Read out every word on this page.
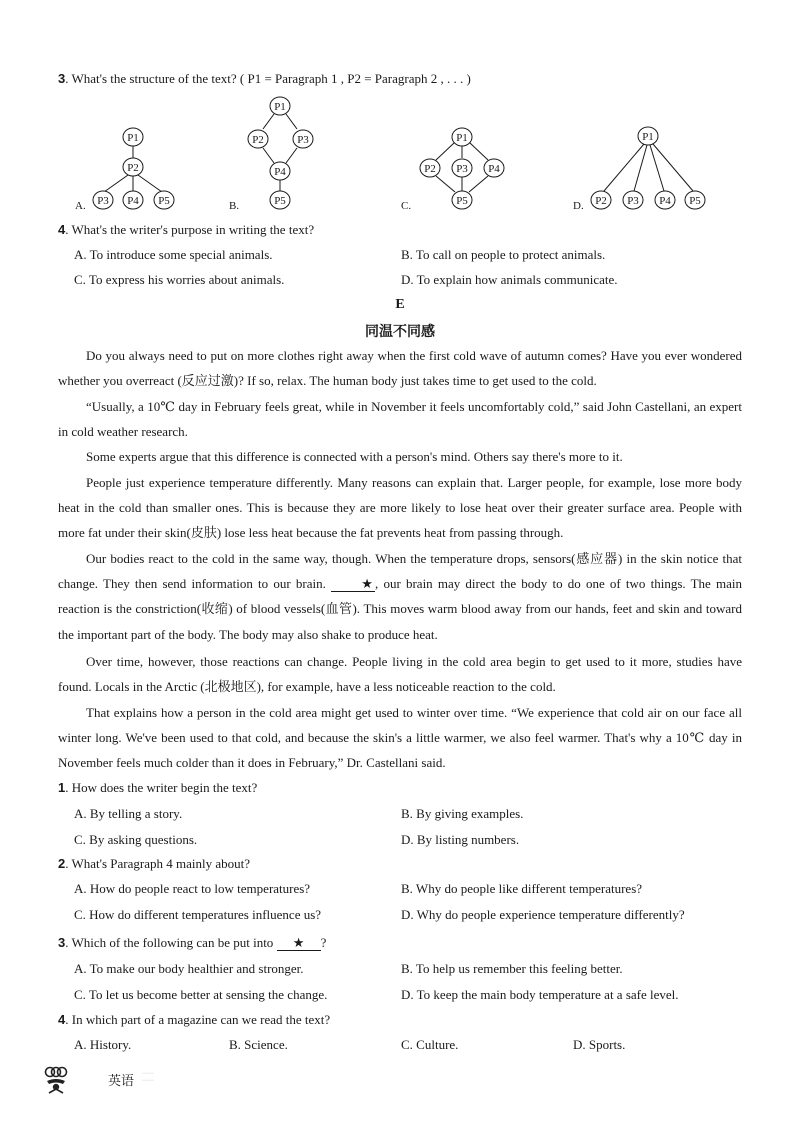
3. What's the structure of the text? ( P1 = Paragraph 1 , P2 = Paragraph 2 , . . . )
P1
P2
P3 P4 P5
P1
P2	P3
P4
P5
P1
P2 P3 P4
P5
P1
P2 P3 P4 P5
A.	B.	C.	D.
4. What's the writer's purpose in writing the text?
A. To introduce some special animals.	B. To call on people to protect animals.
C. To express his worries about animals.	D. To explain how animals communicate.
E
同温不同感

Do you always need to put on more clothes right away when the first cold wave of autumn comes? Have you ever wondered whether you overreact (反应过激)? If so, relax. The human body just takes time to get used to the cold.

“Usually, a 10℃ day in February feels great, while in November it feels uncomfortably cold,” said John Castellani, an expert in cold weather research.

Some experts argue that this difference is connected with a person's mind. Others say there's more to it.

People just experience temperature differently. Many reasons can explain that. Larger people, for example, lose more body heat in the cold than smaller ones. This is because they are more likely to lose heat over their greater surface area. People with more fat under their skin(皮肤) lose less heat because the fat prevents heat from passing through.

Our bodies react to the cold in the same way, though. When the temperature drops, sensors(感应器) in the skin notice that change. They then send information to our brain. ★ , our brain may direct the body to do one of two things. The main reaction is the constriction(收缩) of blood vessels(血管). This moves warm blood away from our hands, feet and skin and toward the important part of the body. The body may also shake to produce heat.

Over time, however, those reactions can change. People living in the cold area begin to get used to it more, studies have found. Locals in the Arctic (北极地区), for example, have a less noticeable reaction to the cold.

That explains how a person in the cold area might get used to winter over time. “We experience that cold air on our face all winter long. We've been used to that cold, and because the skin's a little warmer, we also feel warmer. That's why a 10℃ day in November feels much colder than it does in February,” Dr. Castellani said.

1. How does the writer begin the text?
A. By telling a story.	B. By giving examples.
C. By asking questions.	D. By listing numbers.
2. What's Paragraph 4 mainly about?
A. How do people react to low temperatures?	B. Why do people like different temperatures?
C. How do different temperatures influence us?	D. Why do people experience temperature differently?
3. Which of the following can be put into ★ ?
A. To make our body healthier and stronger.	B. To help us remember this feeling better.
C. To let us become better at sensing the change.	D. To keep the main body temperature at a safe level.
4. In which part of a magazine can we read the text?
A. History.	B. Science.	C. Culture.	D. Sports.
英语 ······
······
